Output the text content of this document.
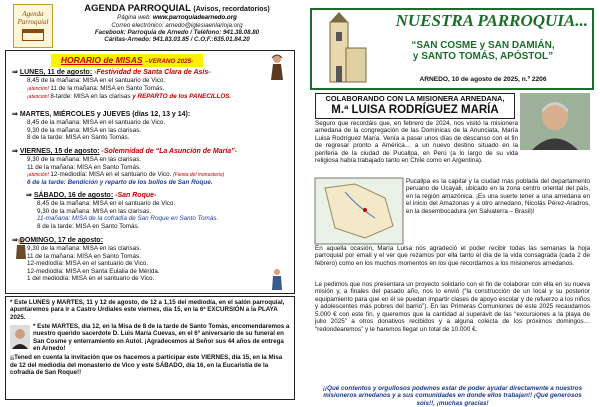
Agenda
Parroquial
AGENDA PARROQUIAL (Avisos, recordatorios)
Página web: www.parroquiadearnedo.org
Correo electrónico: arnedo@iglesiaenlarioja.org
Facebook: Parroquia de Arnedo / Teléfono: 941.38.08.80
Cáritas-Arnedo: 941.83.03.85 / C.O.F.:635.01.84.20
HORARIO de MISAS –VERANO 2025-
⇒ LUNES, 11 de agosto: -Festividad de Santa Clara de Asís-
8,45 de la mañana: MISA en el santuario de Vico.
¡atención! 11 de la mañana: MISA en Santo Tomás.
¡atención! 8-tarde: MISA en las clarisas y REPARTO de los PANECILLOS.
⇒ MARTES, MIÉRCOLES y JUEVES (días 12, 13 y 14):
8,45 de la mañana: MISA en el santuario de Vico.
9,30 de la mañana: MISA en las clarisas.
8 de la tarde: MISA en Santo Tomás.
⇒ VIERNES, 15 de agosto: -Solemnidad de “La Asunción de María”-
9,30 de la mañana: MISA en las clarisas.
11 de la mañana: MISA en Santo Tomás.
¡atención! 12-mediodía: MISA en el santuario de Vico. (Fiesta del monasterio)
6 de la tarde: Bendición y reparto de los bollos de San Roque.
⇒ SÁBADO, 16 de agosto: -San Roque-
8,45 de la mañana: MISA en el santuario de Vico.
9,30 de la mañana: MISA en las clarisas.
11-mañana: MISA de la cofradía de San Roque en Santo Tomás.
8 de la tarde: MISA en Santo Tomás.
⇒ DOMINGO, 17 de agosto:
9,30 de la mañana: MISA en las clarisas.
11 de la mañana: MISA en Santo Tomás.
12-mediodía: MISA en el santuario de Vico.
12-mediodía: MISA en Santa Eulalia de Mérida.
1 del mediodía: MISA en el santuario de Vico.

* Este LUNES y MARTES, 11 y 12 de agosto, de 12 a 1,15 del mediodía, en el salón parroquial, apuntaremos para ir a Castro Urdiales este viernes, día 15, en la 6ª EXCURSIÓN a la PLAYA 2025.

* Este MARTES, día 12, en la Misa de 8 de la tarde de Santo Tomás, encomendaremos a nuestro querido sacerdote D. Luis María Cuevas, en el 6º aniversario de su funeral en San Cosme y enterramiento en Autol. ¡Agradecemos al Señor sus 44 años de entrega en Arnedo!

¡¡Tened en cuenta la invitación que os hacemos a participar este VIERNES, día 15, en la Misa de 12 del mediodía del monasterio de Vico y este SÁBADO, día 16, en la Eucaristía de la cofradía de San Roque!!

NUESTRA PARROQUIA...
“SAN COSME y SAN DAMIÁN,
y SANTO TOMÁS, APÓSTOL”
ARNEDO, 10 de agosto de 2025, n.º 2206
COLABORANDO CON LA MISIONERA ARNEDANA,
M.ª LUISA RODRÍGUEZ MARÍA

Seguro que recordáis que, en febrero de 2024, nos visitó la misionera arnedana de la congregación de las Dominicas de la Anunciata, María Luisa Rodríguez María. Venía a pasar unos días de descanso con el fin de regresar pronto a América… a un nuevo destino situado en la periferia de la ciudad de Pucallpa, en Perú (a lo largo de su vida religiosa había trabajado tanto en Chile como en Argentina).

Pucallpa es la capital y la ciudad más poblada del departamento peruano de Ucayali, ubicado en la zona centro oriental del país, en la región amazónica. ¡Es una suerte tener a una arnedana en el inicio del Amazonas y a otro arnedano, Nicolás Pérez-Aradros, en la desembocadura (en Salvaterra – Brasil)!

En aquella ocasión, María Luisa nos agradeció el poder recibir todas las semanas la hoja parroquial por email y el ver que rezamos por ella tanto el día de la vida consagrada (cada 2 de febrero) como en los muchos momentos en los que recordamos a los misioneros arnedanos.

Le pedimos que nos presentara un proyecto solidario con el fin de colaborar con ella en su nueva misión y, a finales del pasado año, nos lo envió (“la construcción de un local y su posterior equipamiento para que en él se puedan impartir clases de apoyo escolar y de refuerzo a los niños y adolescentes más pobres del barrio”). En las Primeras Comuniones de este 2025 recaudamos 5.000 € con este fin, y queremos que la cantidad al superávit de las “excursiones a la playa de julio 2025” a otros donativos recibidos y a alguna colecta de los próximos domingos… “redondearemos” y le haremos llegar un total de 10.000 €.

¡¡Qué contentos y orgullosos podemos estar de poder ayudar directamente a nuestros misioneros arnedanos y a sus comunidades en donde ellos trabajan!! ¡Qué generosos sois!!, ¡muchas gracias!
